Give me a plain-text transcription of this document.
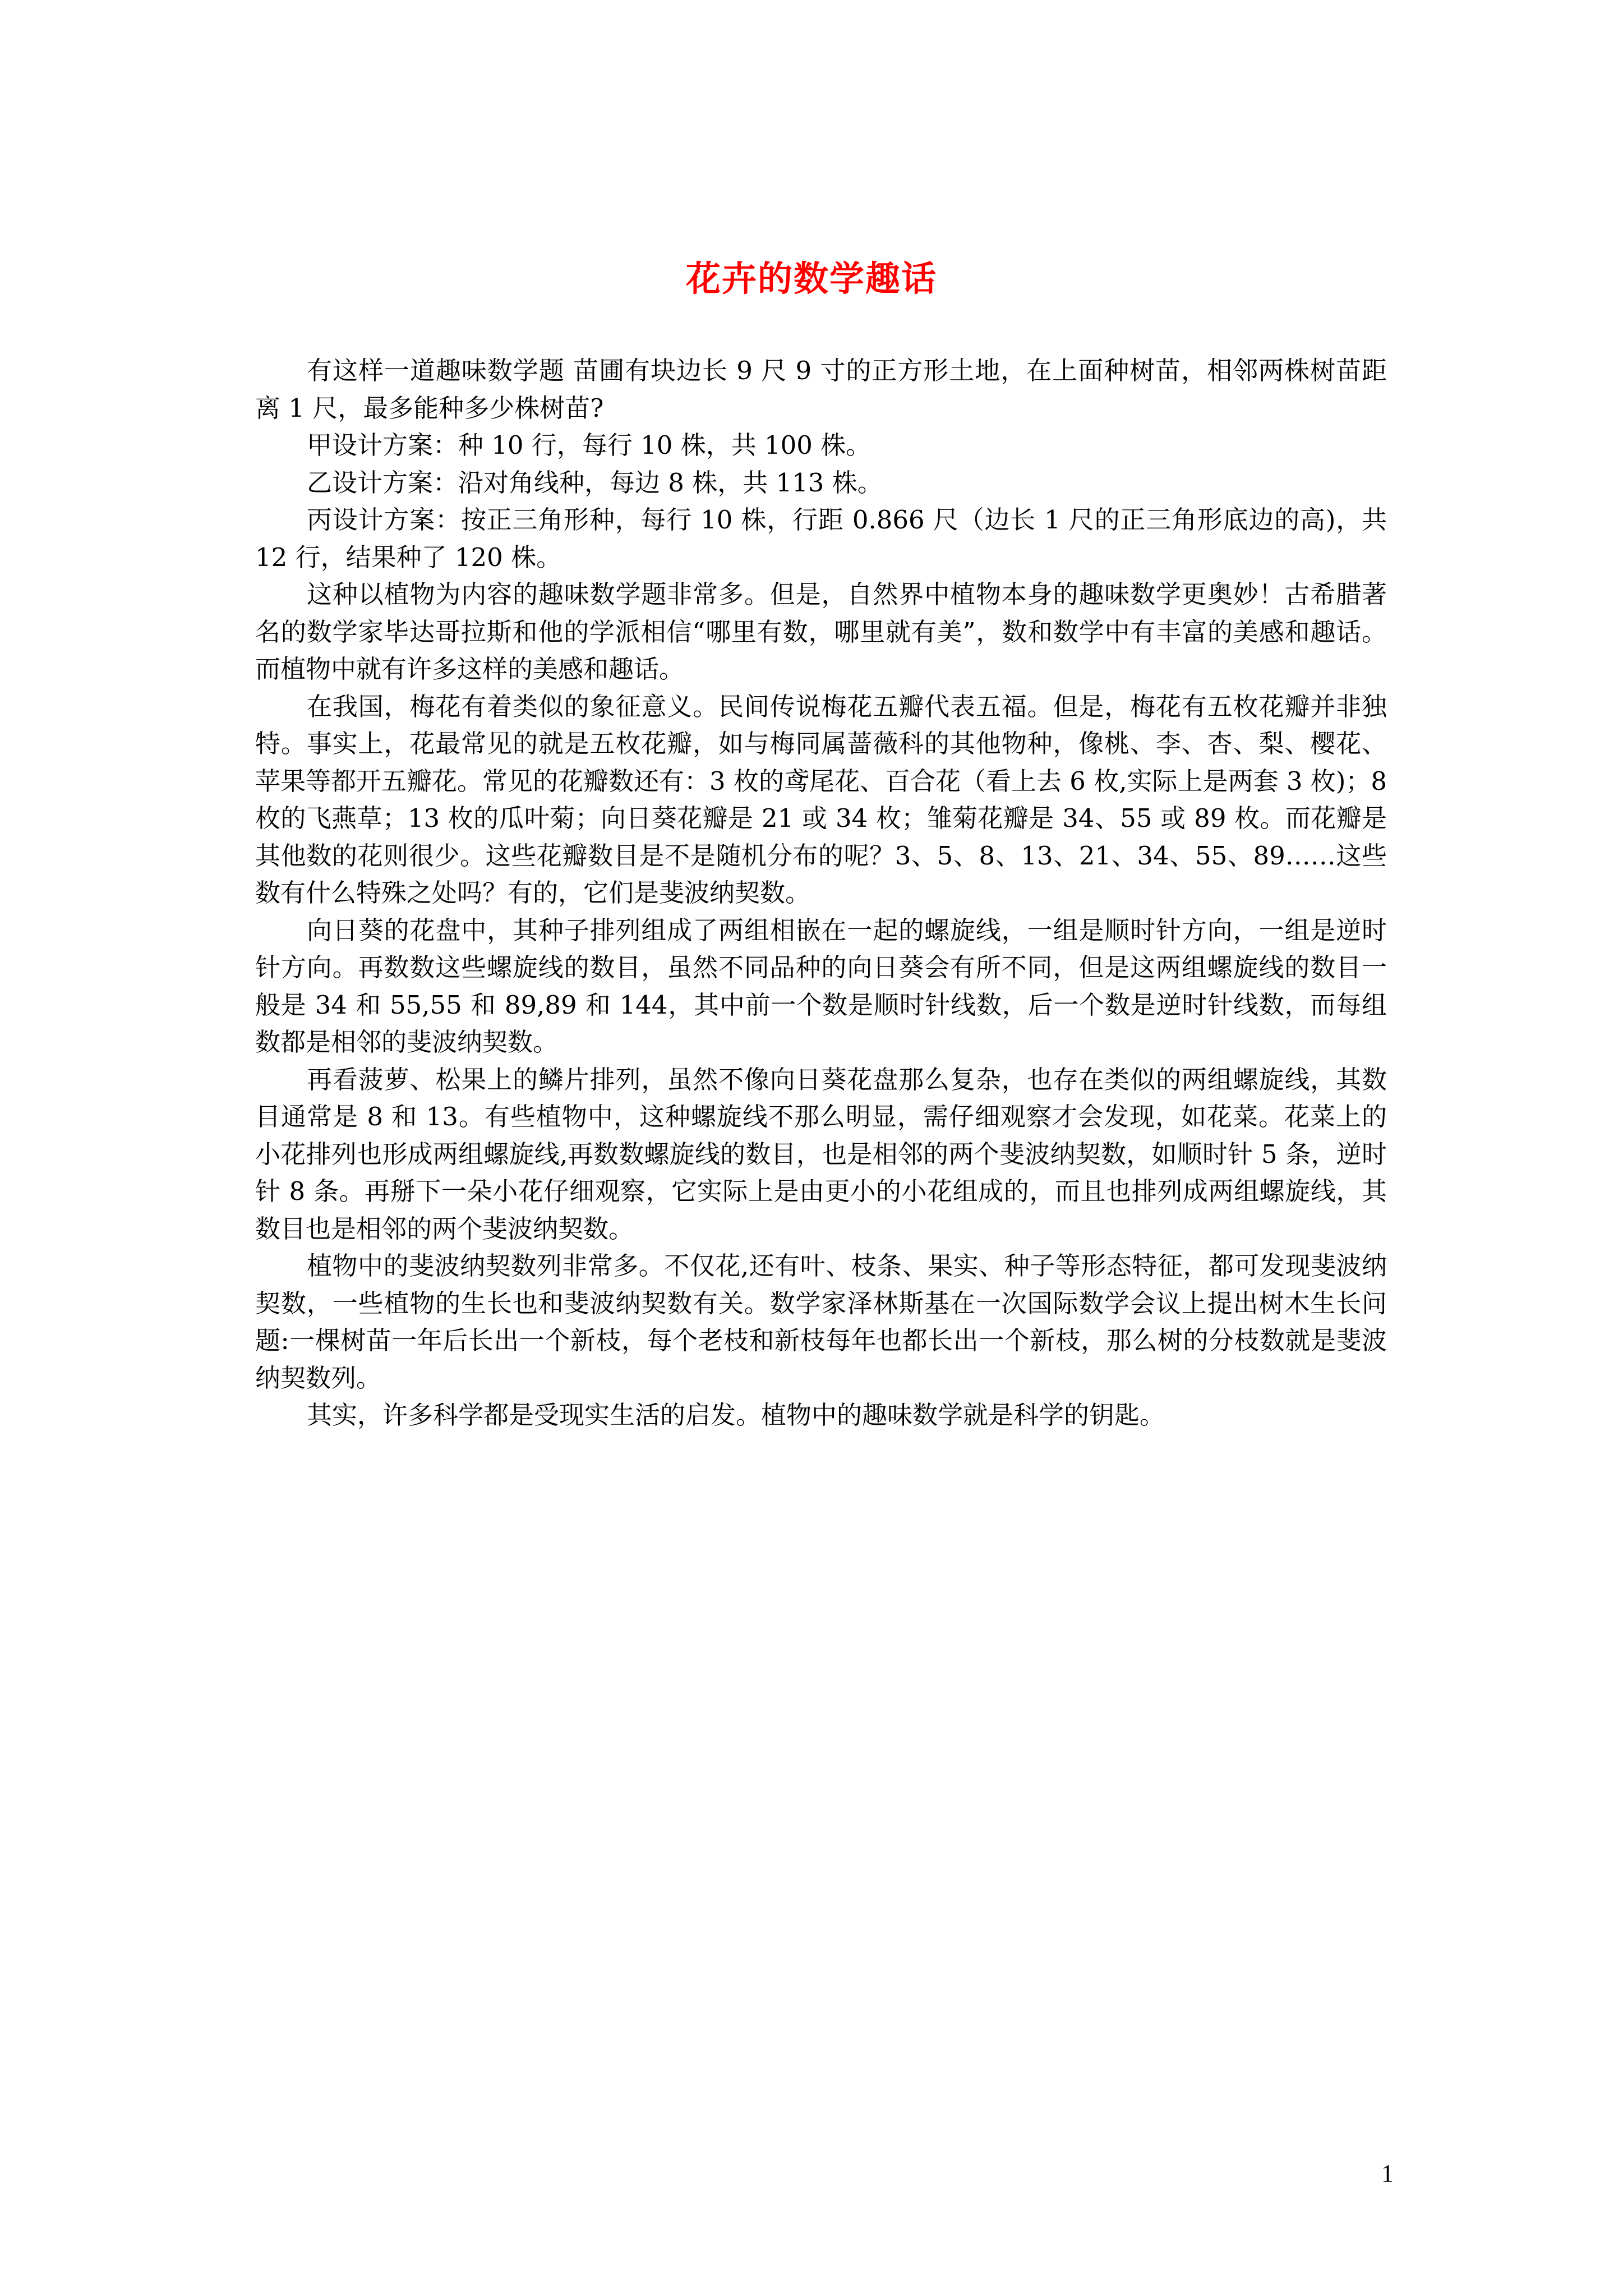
花卉的数学趣话

有这样一道趣味数学题 苗圃有块边长 9 尺 9 寸的正方形土地，在上面种树苗，相邻两株树苗距离 1 尺，最多能种多少株树苗?

甲设计方案：种 10 行，每行 10 株，共 100 株。

乙设计方案：沿对角线种，每边 8 株，共 113 株。

丙设计方案：按正三角形种，每行 10 株，行距 0.866 尺（边长 1 尺的正三角形底边的高)，共 12 行，结果种了 120 株。

这种以植物为内容的趣味数学题非常多。但是，自然界中植物本身的趣味数学更奥妙！古希腊著名的数学家毕达哥拉斯和他的学派相信“哪里有数，哪里就有美”，数和数学中有丰富的美感和趣话。而植物中就有许多这样的美感和趣话。

在我国，梅花有着类似的象征意义。民间传说梅花五瓣代表五福。但是，梅花有五枚花瓣并非独特。事实上，花最常见的就是五枚花瓣，如与梅同属蔷薇科的其他物种，像桃、李、杏、梨、樱花、苹果等都开五瓣花。常见的花瓣数还有：3 枚的鸢尾花、百合花（看上去 6 枚,实际上是两套 3 枚)；8 枚的飞燕草；13 枚的瓜叶菊；向日葵花瓣是 21 或 34 枚；雏菊花瓣是 34、55 或 89 枚。而花瓣是其他数的花则很少。这些花瓣数目是不是随机分布的呢？3、5、8、13、21、34、55、89……这些数有什么特殊之处吗？有的，它们是斐波纳契数。

向日葵的花盘中，其种子排列组成了两组相嵌在一起的螺旋线，一组是顺时针方向，一组是逆时针方向。再数数这些螺旋线的数目，虽然不同品种的向日葵会有所不同，但是这两组螺旋线的数目一般是 34 和 55,55 和 89,89 和 144，其中前一个数是顺时针线数，后一个数是逆时针线数，而每组数都是相邻的斐波纳契数。

再看菠萝、松果上的鳞片排列，虽然不像向日葵花盘那么复杂，也存在类似的两组螺旋线，其数目通常是 8 和 13。有些植物中，这种螺旋线不那么明显，需仔细观察才会发现，如花菜。花菜上的小花排列也形成两组螺旋线,再数数螺旋线的数目，也是相邻的两个斐波纳契数，如顺时针 5 条，逆时针 8 条。再掰下一朵小花仔细观察，它实际上是由更小的小花组成的，而且也排列成两组螺旋线，其数目也是相邻的两个斐波纳契数。

植物中的斐波纳契数列非常多。不仅花,还有叶、枝条、果实、种子等形态特征，都可发现斐波纳契数，一些植物的生长也和斐波纳契数有关。数学家泽林斯基在一次国际数学会议上提出树木生长问题:一棵树苗一年后长出一个新枝，每个老枝和新枝每年也都长出一个新枝，那么树的分枝数就是斐波纳契数列。

其实，许多科学都是受现实生活的启发。植物中的趣味数学就是科学的钥匙。

1
